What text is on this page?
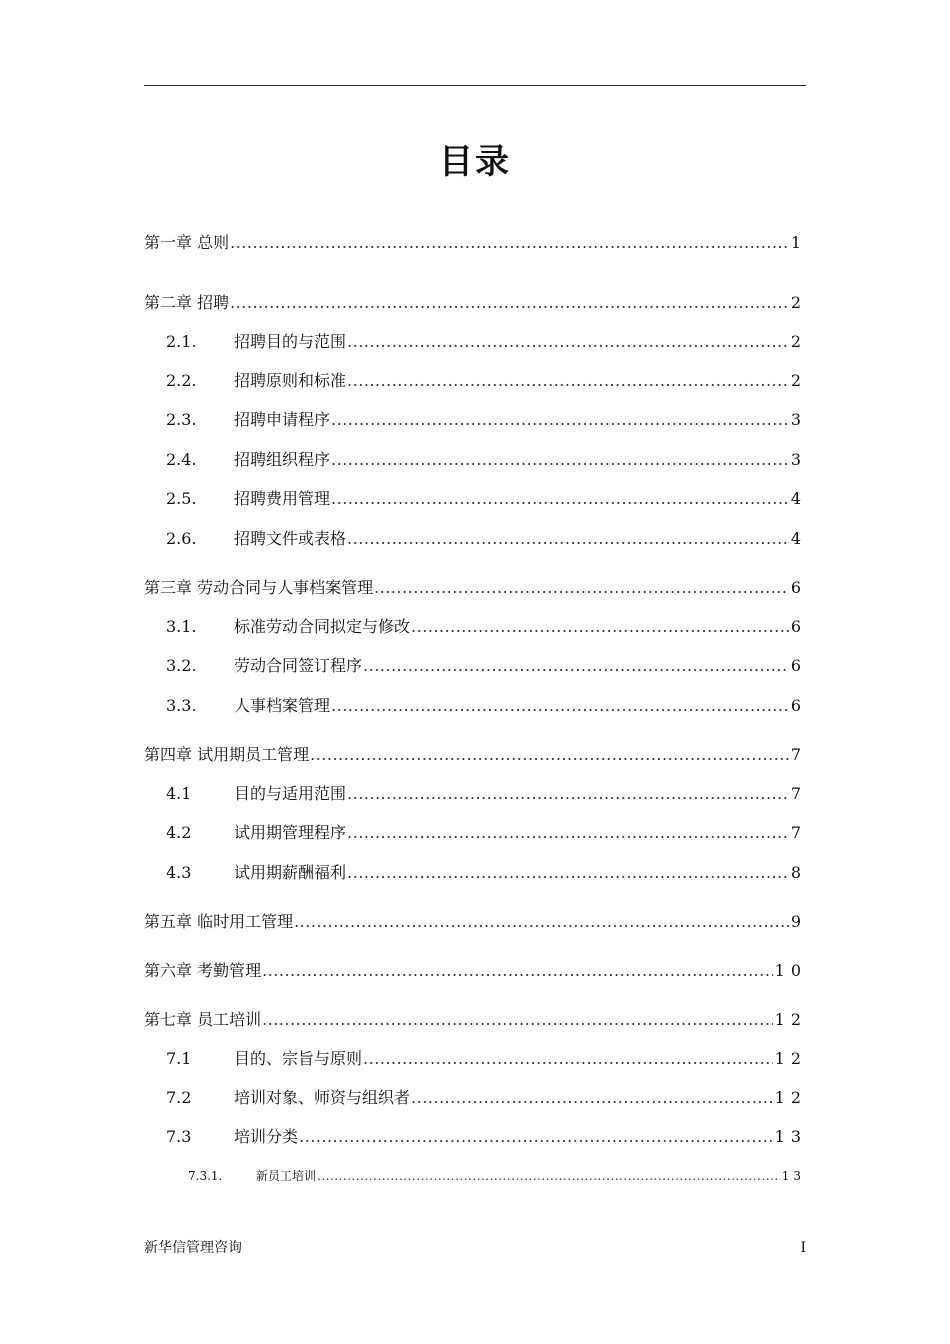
目录
第一章 总则 .....	1
第二章 招聘 .....	2
2.1.	招聘目的与范围 .....	2
2.2.	招聘原则和标准 .....	2
2.3.	招聘申请程序 .....	3
2.4.	招聘组织程序 .....	3
2.5.	招聘费用管理 .....	4
2.6.	招聘文件或表格 .....	4
第三章 劳动合同与人事档案管理 .....	6
3.1.	标准劳动合同拟定与修改 .....	6
3.2.	劳动合同签订程序 .....	6
3.3.	人事档案管理 .....	6
第四章 试用期员工管理 .....	7
4.1	目的与适用范围 .....	7
4.2	试用期管理程序 .....	7
4.3	试用期薪酬福利 .....	8
第五章 临时用工管理 .....	9
第六章 考勤管理 .....	10
第七章 员工培训 .....	12
7.1	目的、宗旨与原则 .....	12
7.2	培训对象、师资与组织者 .....	12
7.3	培训分类 .....	13
7.3.1.	新员工培训 .....	13
新华信管理咨询	I
